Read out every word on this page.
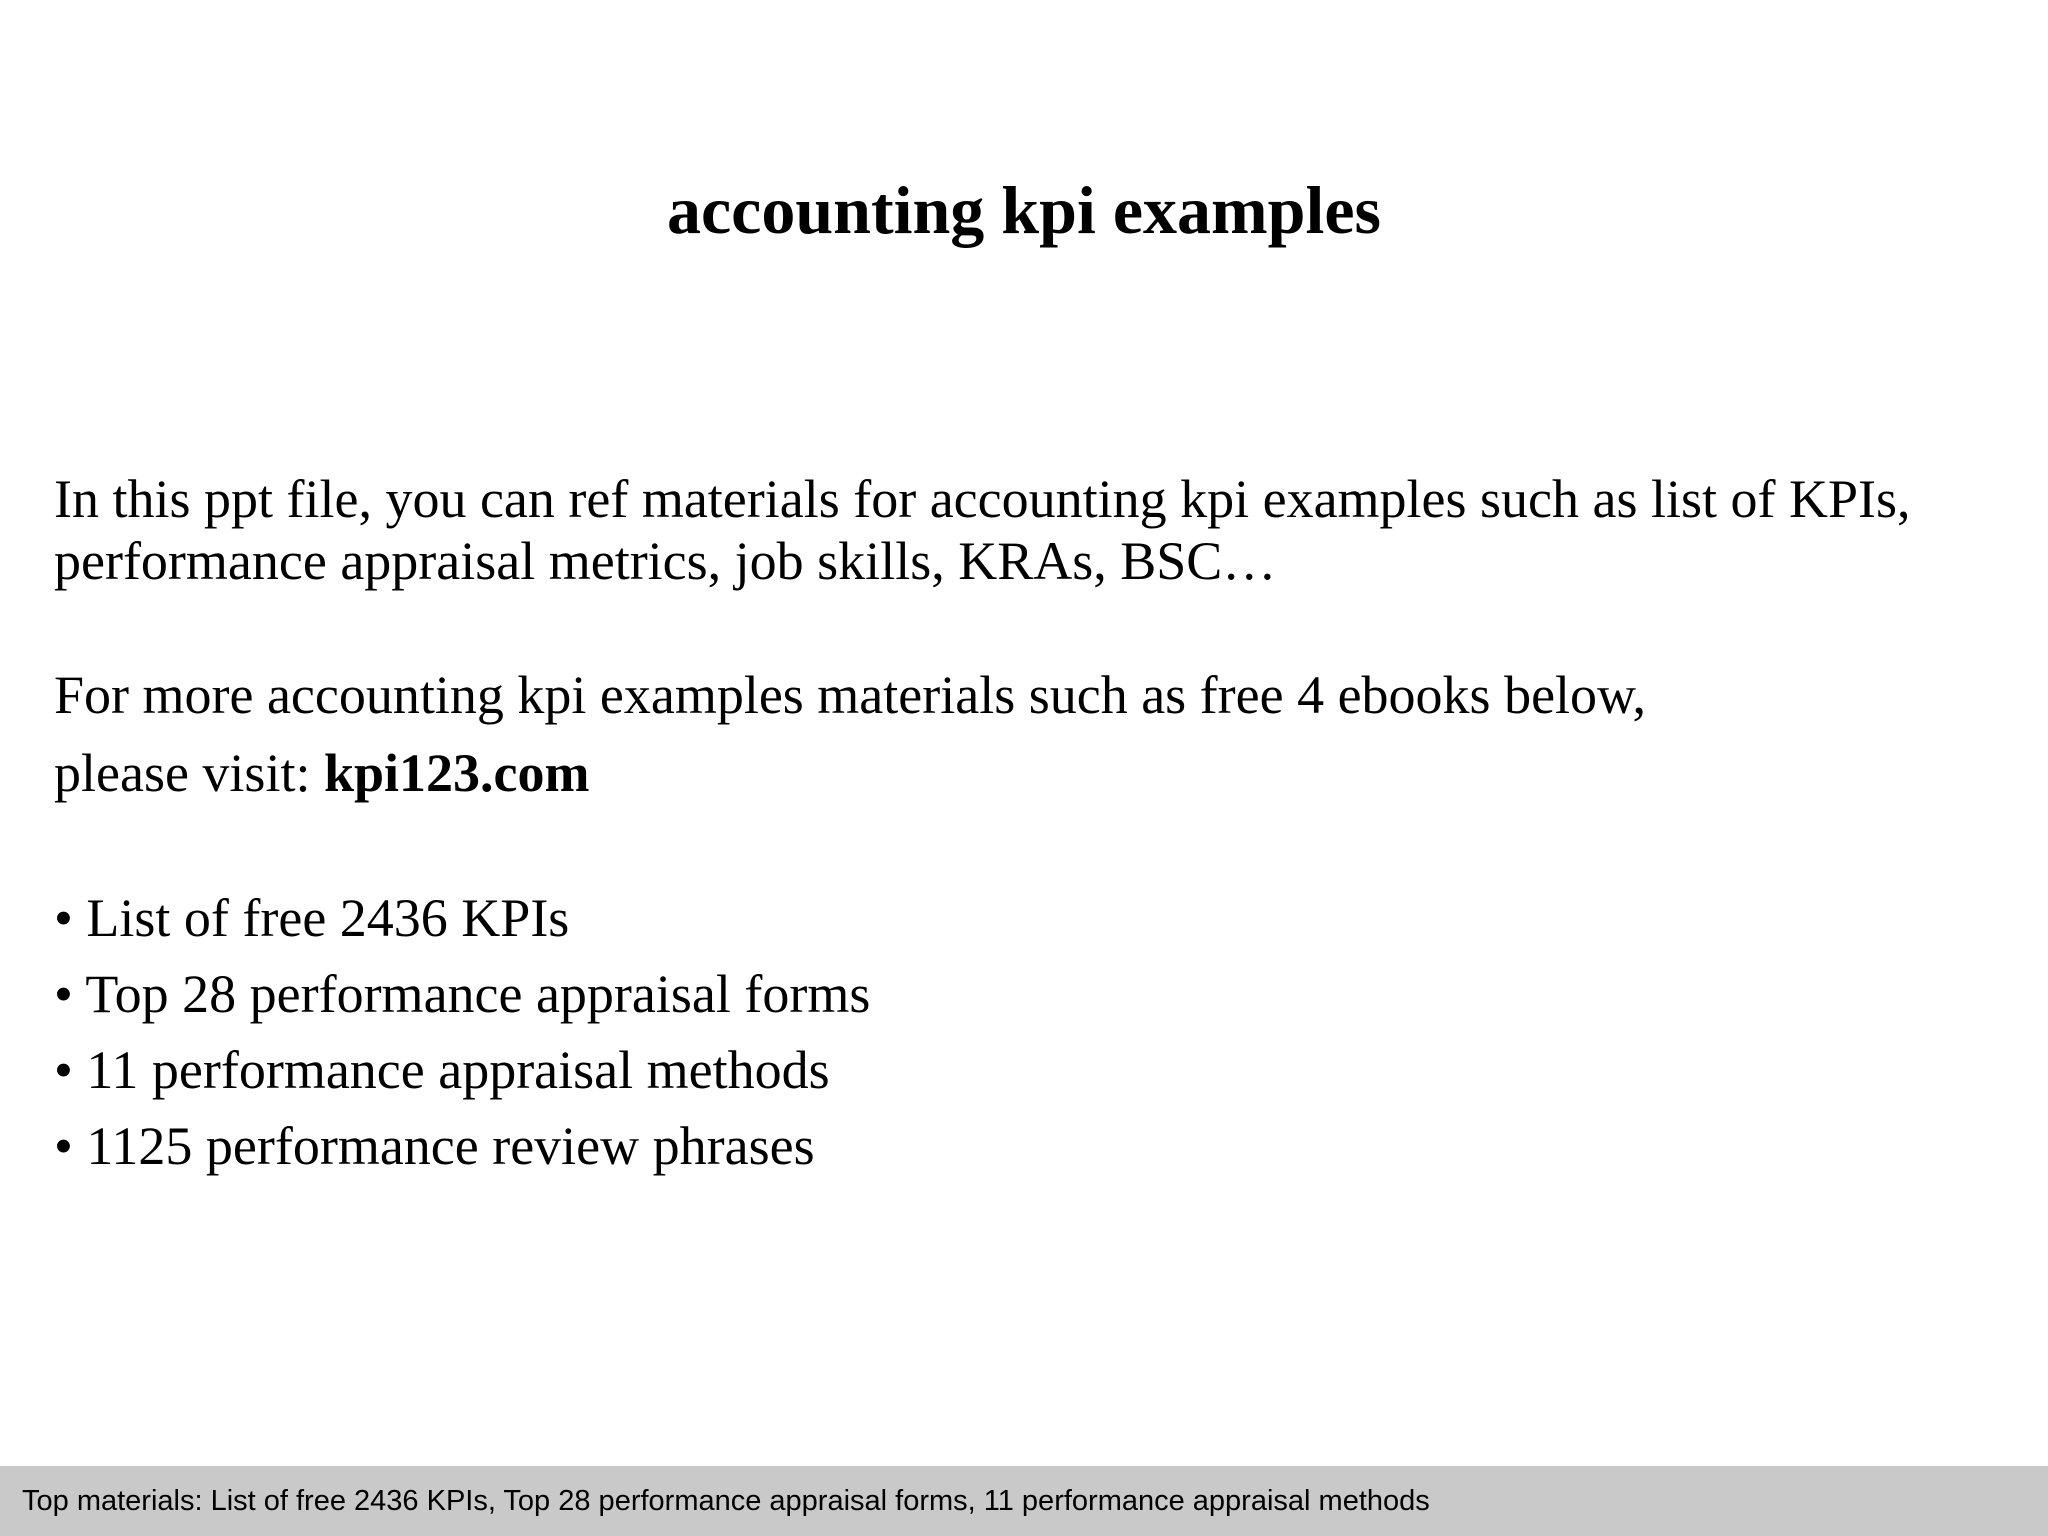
accounting kpi examples

In this ppt file, you can ref materials for accounting kpi examples such as list of KPIs, performance appraisal metrics, job skills, KRAs, BSC…

For more accounting kpi examples materials such as free 4 ebooks below,
please visit: kpi123.com

• List of free 2436 KPIs
• Top 28 performance appraisal forms
• 11 performance appraisal methods
• 1125 performance review phrases
Top materials: List of free 2436 KPIs, Top 28 performance appraisal forms, 11 performance appraisal methods
